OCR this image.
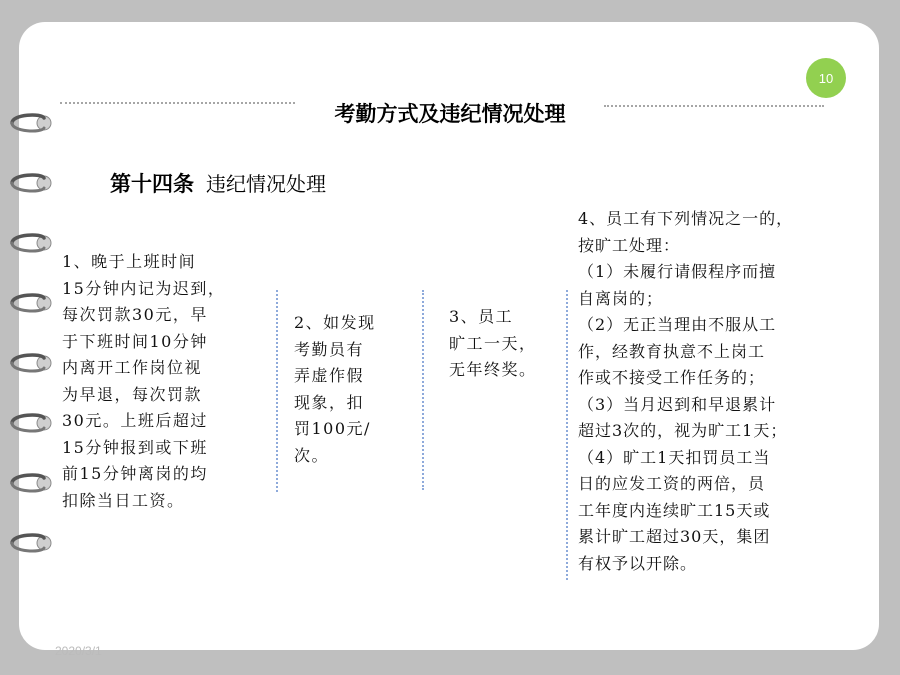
10
考勤方式及违纪情况处理
第十四条 违纪情况处理

1、晚于上班时间

15分钟内记为迟到，

每次罚款30元，早

于下班时间10分钟

内离开工作岗位视

为早退，每次罚款

30元。上班后超过

15分钟报到或下班

前15分钟离岗的均

扣除当日工资。

2、如发现

考勤员有

弄虚作假

现象，扣

罚100元/

次。

3、员工

旷工一天，

无年终奖。

4、员工有下列情况之一的，

按旷工处理：

（1）未履行请假程序而擅

自离岗的；

（2）无正当理由不服从工

作，经教育执意不上岗工

作或不接受工作任务的；

（3）当月迟到和早退累计

超过3次的，视为旷工1天；

（4）旷工1天扣罚员工当

日的应发工资的两倍，员

工年度内连续旷工15天或

累计旷工超过30天，集团

有权予以开除。

2020/3/1
